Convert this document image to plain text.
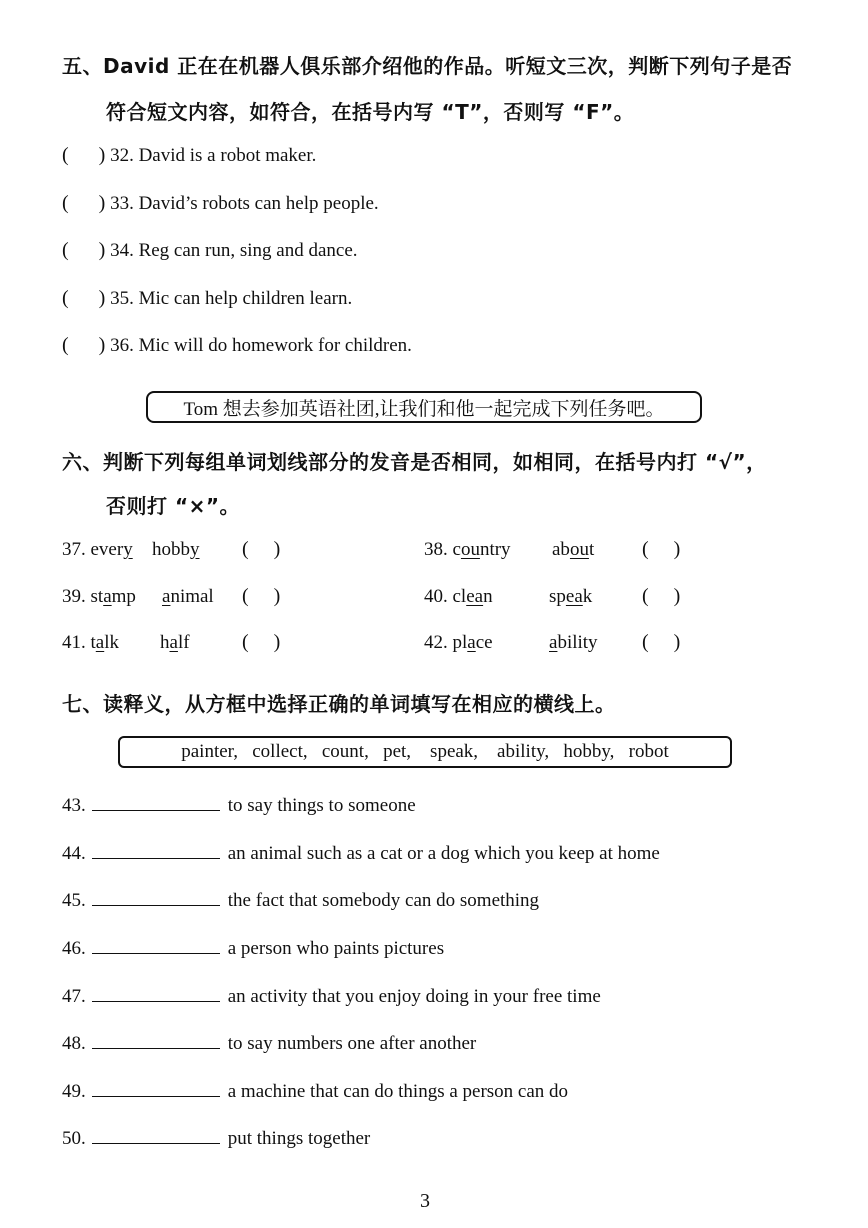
五、David 正在在机器人俱乐部介绍他的作品。听短文三次，判断下列句子是否
符合短文内容，如符合，在括号内写 “T”，否则写 “F”。
(      ) 32. David is a robot maker.
(      ) 33. David’s robots can help people.
(      ) 34. Reg can run, sing and dance.
(      ) 35. Mic can help children learn.
(      ) 36. Mic will do homework for children.
Tom 想去参加英语社团,让我们和他一起完成下列任务吧。
六、判断下列每组单词划线部分的发音是否相同，如相同，在括号内打 “√”，
否则打 “×”。
37. every hobby (     )	38. country about (     )
39. stamp animal (     )	40. clean	speak (     )
41. talk half	(     )	42. place	ability (     )
七、读释义，从方框中选择正确的单词填写在相应的横线上。
painter,   collect,   count,   pet,    speak,    ability,   hobby,   robot
43.	to say things to someone
44.	an animal such as a cat or a dog which you keep at home
45.	the fact that somebody can do something
46.	a person who paints pictures
47.	an activity that you enjoy doing in your free time
48.	to say numbers one after another
49.	a machine that can do things a person can do
50.	put things together
3
